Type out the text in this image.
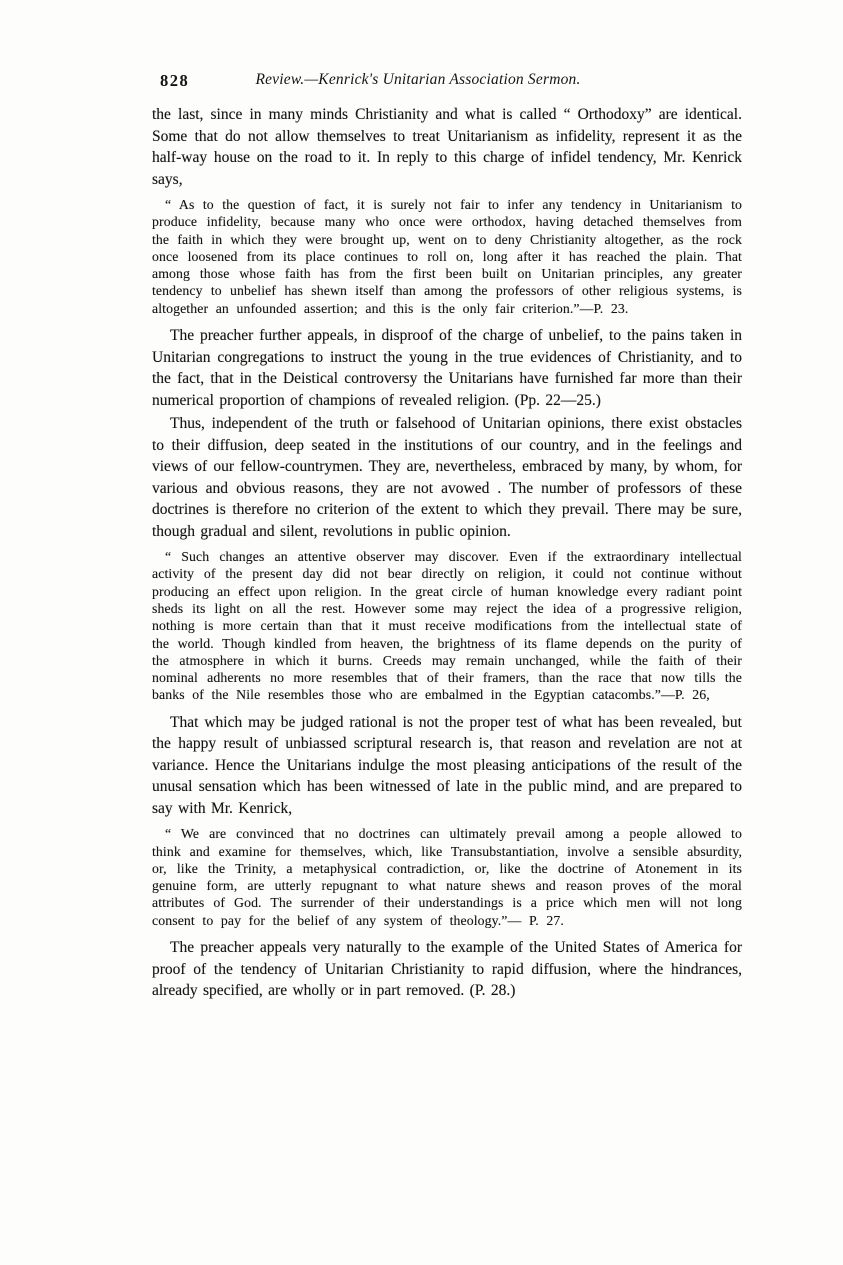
828	Review.—Kenrick's Unitarian Association Sermon.

the last, since in many minds Christianity and what is called “ Orthodoxy” are identical. Some that do not allow themselves to treat Unitarianism as infidelity, represent it as the half-way house on the road to it. In reply to this charge of infidel tendency, Mr. Kenrick says,

“ As to the question of fact, it is surely not fair to infer any tendency in Unitarianism to produce infidelity, because many who once were orthodox, having detached themselves from the faith in which they were brought up, went on to deny Christianity altogether, as the rock once loosened from its place continues to roll on, long after it has reached the plain. That among those whose faith has from the first been built on Unitarian principles, any greater tendency to unbelief has shewn itself than among the professors of other religious systems, is altogether an unfounded assertion; and this is the only fair criterion.”—P. 23.

The preacher further appeals, in disproof of the charge of unbelief, to the pains taken in Unitarian congregations to instruct the young in the true evidences of Christianity, and to the fact, that in the Deistical controversy the Unitarians have furnished far more than their numerical proportion of champions of revealed religion. (Pp. 22—25.)

Thus, independent of the truth or falsehood of Unitarian opinions, there exist obstacles to their diffusion, deep seated in the institutions of our country, and in the feelings and views of our fellow-countrymen. They are, nevertheless, embraced by many, by whom, for various and obvious reasons, they are not avowed . The number of professors of these doctrines is therefore no criterion of the extent to which they prevail. There may be sure, though gradual and silent, revolutions in public opinion.

“ Such changes an attentive observer may discover. Even if the extraordinary intellectual activity of the present day did not bear directly on religion, it could not continue without producing an effect upon religion. In the great circle of human knowledge every radiant point sheds its light on all the rest. However some may reject the idea of a progressive religion, nothing is more certain than that it must receive modifications from the intellectual state of the world. Though kindled from heaven, the brightness of its flame depends on the purity of the atmosphere in which it burns. Creeds may remain unchanged, while the faith of their nominal adherents no more resembles that of their framers, than the race that now tills the banks of the Nile resembles those who are embalmed in the Egyptian catacombs.”—P. 26,

That which may be judged rational is not the proper test of what has been revealed, but the happy result of unbiassed scriptural research is, that reason and revelation are not at variance. Hence the Unitarians indulge the most pleasing anticipations of the result of the unusal sensation which has been witnessed of late in the public mind, and are prepared to say with Mr. Kenrick,

“ We are convinced that no doctrines can ultimately prevail among a people allowed to think and examine for themselves, which, like Transubstantiation, involve a sensible absurdity, or, like the Trinity, a metaphysical contradiction, or, like the doctrine of Atonement in its genuine form, are utterly repugnant to what nature shews and reason proves of the moral attributes of God. The surrender of their understandings is a price which men will not long consent to pay for the belief of any system of theology.”— P. 27.

The preacher appeals very naturally to the example of the United States of America for proof of the tendency of Unitarian Christianity to rapid diffusion, where the hindrances, already specified, are wholly or in part removed. (P. 28.)
